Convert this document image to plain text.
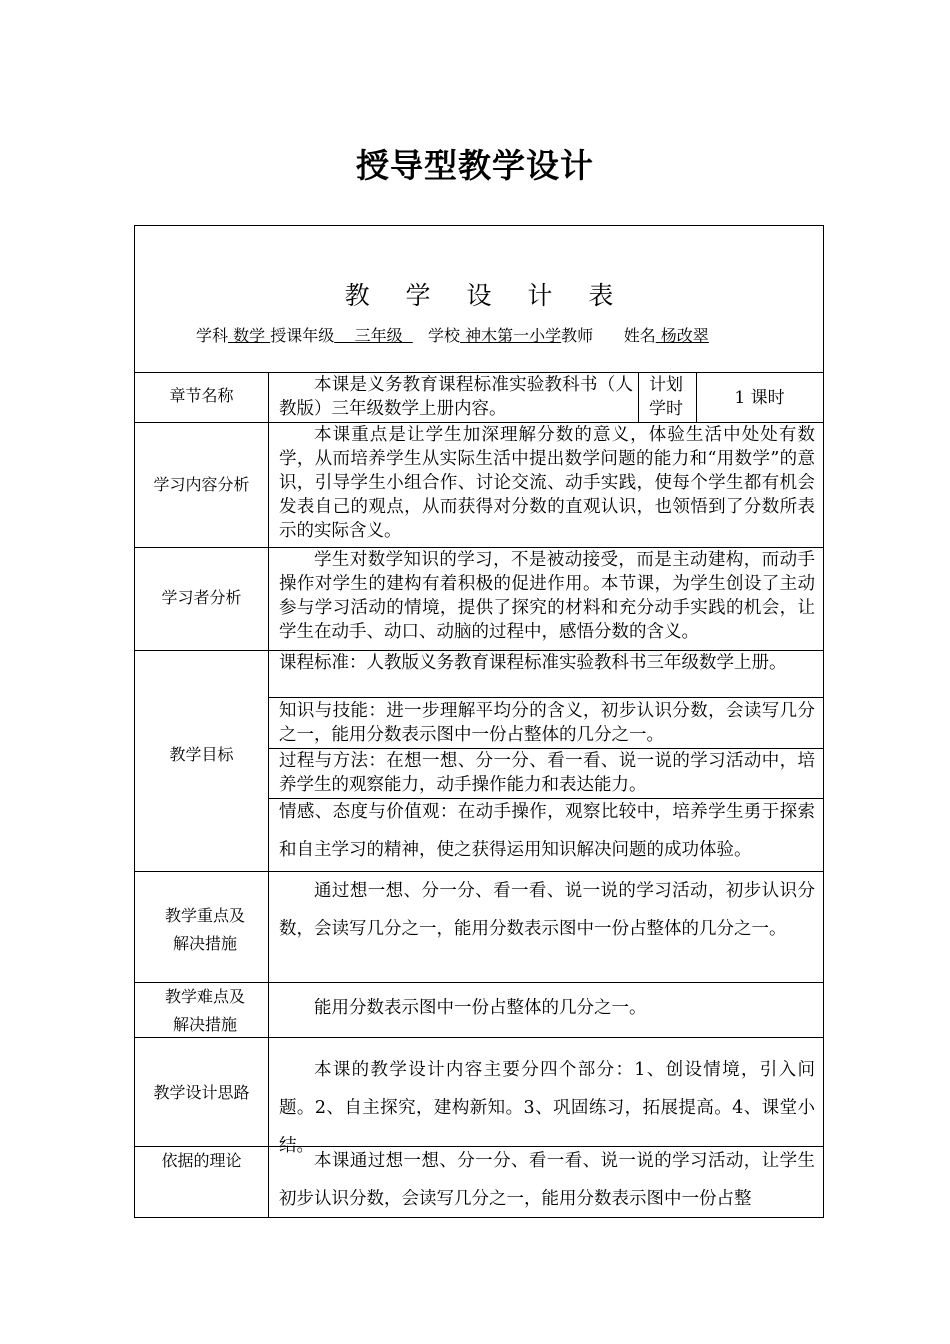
授导型教学设计
教 学 设 计 表
学科 数学 授课年级 三年级 学校 神木第一小学教师 姓名 杨改翠
章节名称
本课是义务教育课程标准实验教科书（人教版）三年级数学上册内容。
计划学时
1 课时
学习内容分析
本课重点是让学生加深理解分数的意义，体验生活中处处有数学，从而培养学生从实际生活中提出数学问题的能力和“用数学”的意识，引导学生小组合作、讨论交流、动手实践，使每个学生都有机会发表自己的观点，从而获得对分数的直观认识，也领悟到了分数所表示的实际含义。
学习者分析
学生对数学知识的学习，不是被动接受，而是主动建构，而动手操作对学生的建构有着积极的促进作用。本节课，为学生创设了主动参与学习活动的情境，提供了探究的材料和充分动手实践的机会，让学生在动手、动口、动脑的过程中，感悟分数的含义。
教学目标
课程标准：人教版义务教育课程标准实验教科书三年级数学上册。
知识与技能：进一步理解平均分的含义，初步认识分数，会读写几分之一，能用分数表示图中一份占整体的几分之一。
过程与方法：在想一想、分一分、看一看、说一说的学习活动中，培养学生的观察能力，动手操作能力和表达能力。
情感、态度与价值观：在动手操作，观察比较中，培养学生勇于探索和自主学习的精神，使之获得运用知识解决问题的成功体验。
教学重点及解决措施
通过想一想、分一分、看一看、说一说的学习活动，初步认识分数，会读写几分之一，能用分数表示图中一份占整体的几分之一。
教学难点及解决措施
能用分数表示图中一份占整体的几分之一。
教学设计思路
本课的教学设计内容主要分四个部分：1、创设情境，引入问题。2、自主探究，建构新知。3、巩固练习，拓展提高。4、课堂小结。
依据的理论	本课通过想一想、分一分、看一看、说一说的学习活动，让学生初步认识分数，会读写几分之一，能用分数表示图中一份占整
